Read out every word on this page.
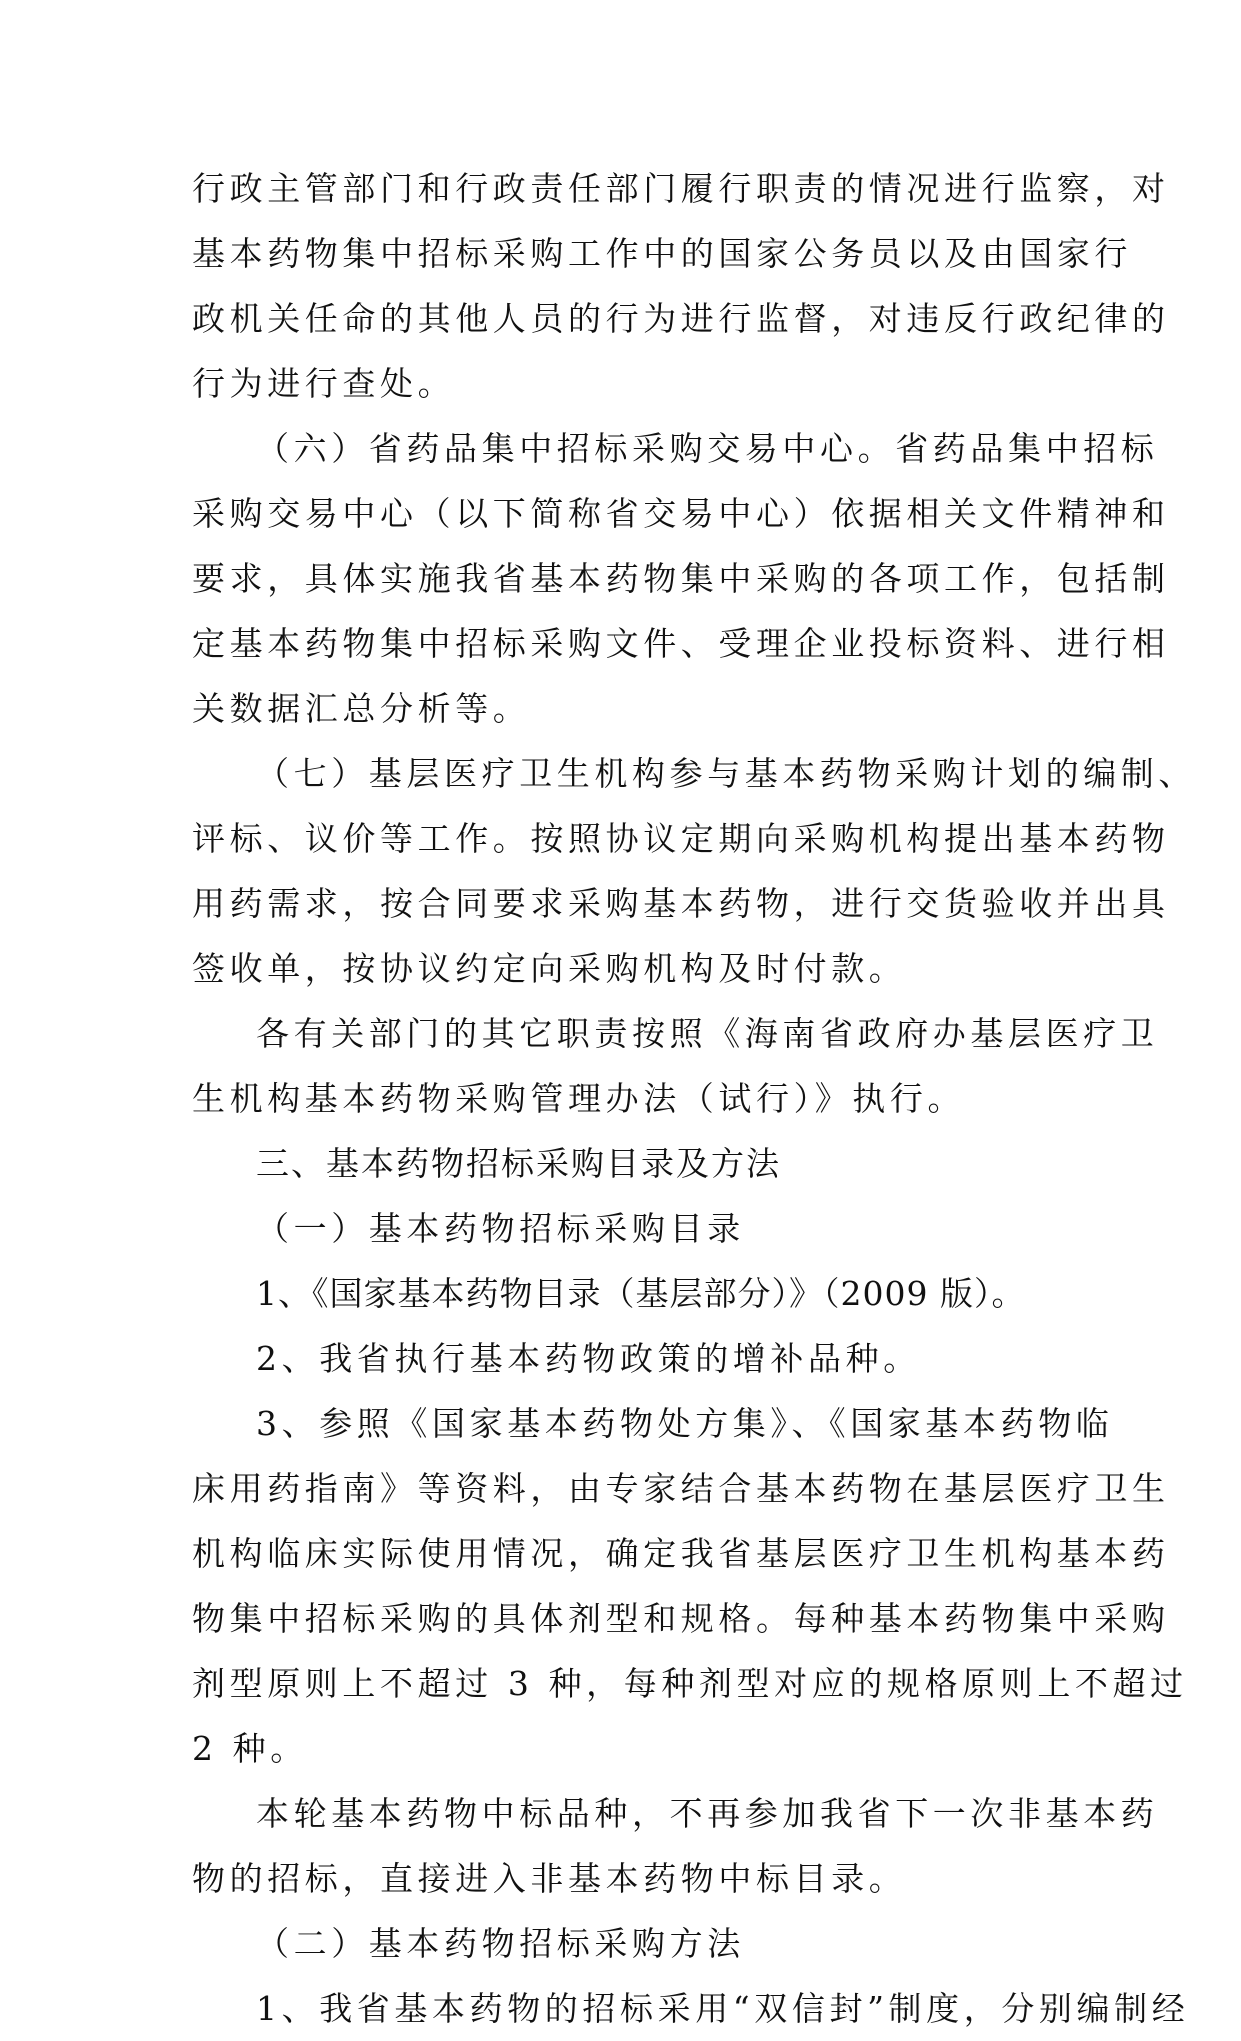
行政主管部门和行政责任部门履行职责的情况进行监察，对
基本药物集中招标采购工作中的国家公务员以及由国家行
政机关任命的其他人员的行为进行监督，对违反行政纪律的
行为进行查处。
（六）省药品集中招标采购交易中心。省药品集中招标
采购交易中心（以下简称省交易中心）依据相关文件精神和
要求，具体实施我省基本药物集中采购的各项工作，包括制
定基本药物集中招标采购文件、受理企业投标资料、进行相
关数据汇总分析等。
（七）基层医疗卫生机构参与基本药物采购计划的编制、
评标、议价等工作。按照协议定期向采购机构提出基本药物
用药需求，按合同要求采购基本药物，进行交货验收并出具
签收单，按协议约定向采购机构及时付款。
各有关部门的其它职责按照《海南省政府办基层医疗卫
生机构基本药物采购管理办法（试行）》执行。
三、基本药物招标采购目录及方法
（一）基本药物招标采购目录
1、《国家基本药物目录（基层部分）》（2009 版）。
2、我省执行基本药物政策的增补品种。
3、参照《国家基本药物处方集》、《国家基本药物临
床用药指南》等资料，由专家结合基本药物在基层医疗卫生
机构临床实际使用情况，确定我省基层医疗卫生机构基本药
物集中招标采购的具体剂型和规格。每种基本药物集中采购
剂型原则上不超过 3 种，每种剂型对应的规格原则上不超过
2 种。
本轮基本药物中标品种，不再参加我省下一次非基本药
物的招标，直接进入非基本药物中标目录。
（二）基本药物招标采购方法
1、我省基本药物的招标采用“双信封”制度，分别编制经
